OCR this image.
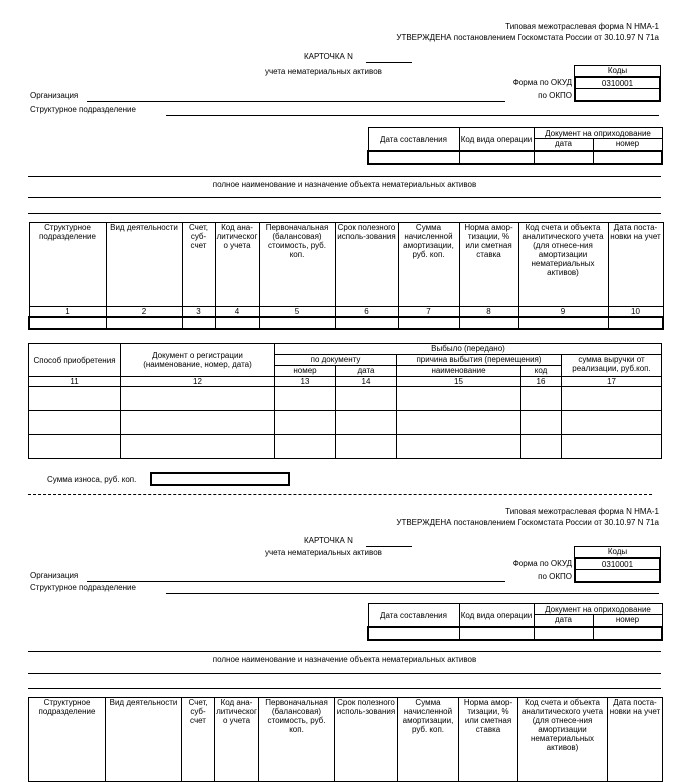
Типовая межотраслевая форма N НМА-1
УТВЕРЖДЕНА постановлением Госкомстата России от 30.10.97 N 71а
КАРТОЧКА N
учета нематериальных активов	Коды
0310001
Форма по ОКУД
по ОКПО
Организация
Структурное подразделение
Дата составления	Код вида операции	Документ на оприходование	
		дата	номер

полное наименование и назначение объекта нематериальных активов
Структурное подразделение	Вид деятельности	Счет, суб-счет	Код ана-литического учета	Первоначальная (балансовая) стоимость, руб. коп.	Срок полезного исполь-зования	Сумма начисленной амортизации, руб. коп.	Норма амор-тизации, % или сметная ставка	Код счета и объекта аналитического учета (для отнесе-ния амортизации нематериальных активов)	Дата поста-новки на учет
1	2	3	4	5	6	7	8	9	10

Способ приобретения	Документ о регистрации (наименование, номер, дата)	Выбыло (передано)				
		по документу		причина выбытия (перемещения)		сумма выручки от реализации, руб.коп.
		номер	дата	наименование	код	
11	12	13	14	15	16	17

Сумма износа, руб. коп.
Типовая межотраслевая форма N НМА-1
УТВЕРЖДЕНА постановлением Госкомстата России от 30.10.97 N 71а
КАРТОЧКА N
учета нематериальных активов	Коды
0310001
Форма по ОКУД
по ОКПО
Организация
Структурное подразделение
Дата составления	Код вида операции	Документ на оприходование	
		дата	номер

полное наименование и назначение объекта нематериальных активов
Структурное подразделение	Вид деятельности	Счет, суб-счет	Код ана-литического учета	Первоначальная (балансовая) стоимость, руб. коп.	Срок полезного исполь-зования	Сумма начисленной амортизации, руб. коп.	Норма амор-тизации, % или сметная ставка	Код счета и объекта аналитического учета (для отнесе-ния амортизации нематериальных активов)	Дата поста-новки на учет
